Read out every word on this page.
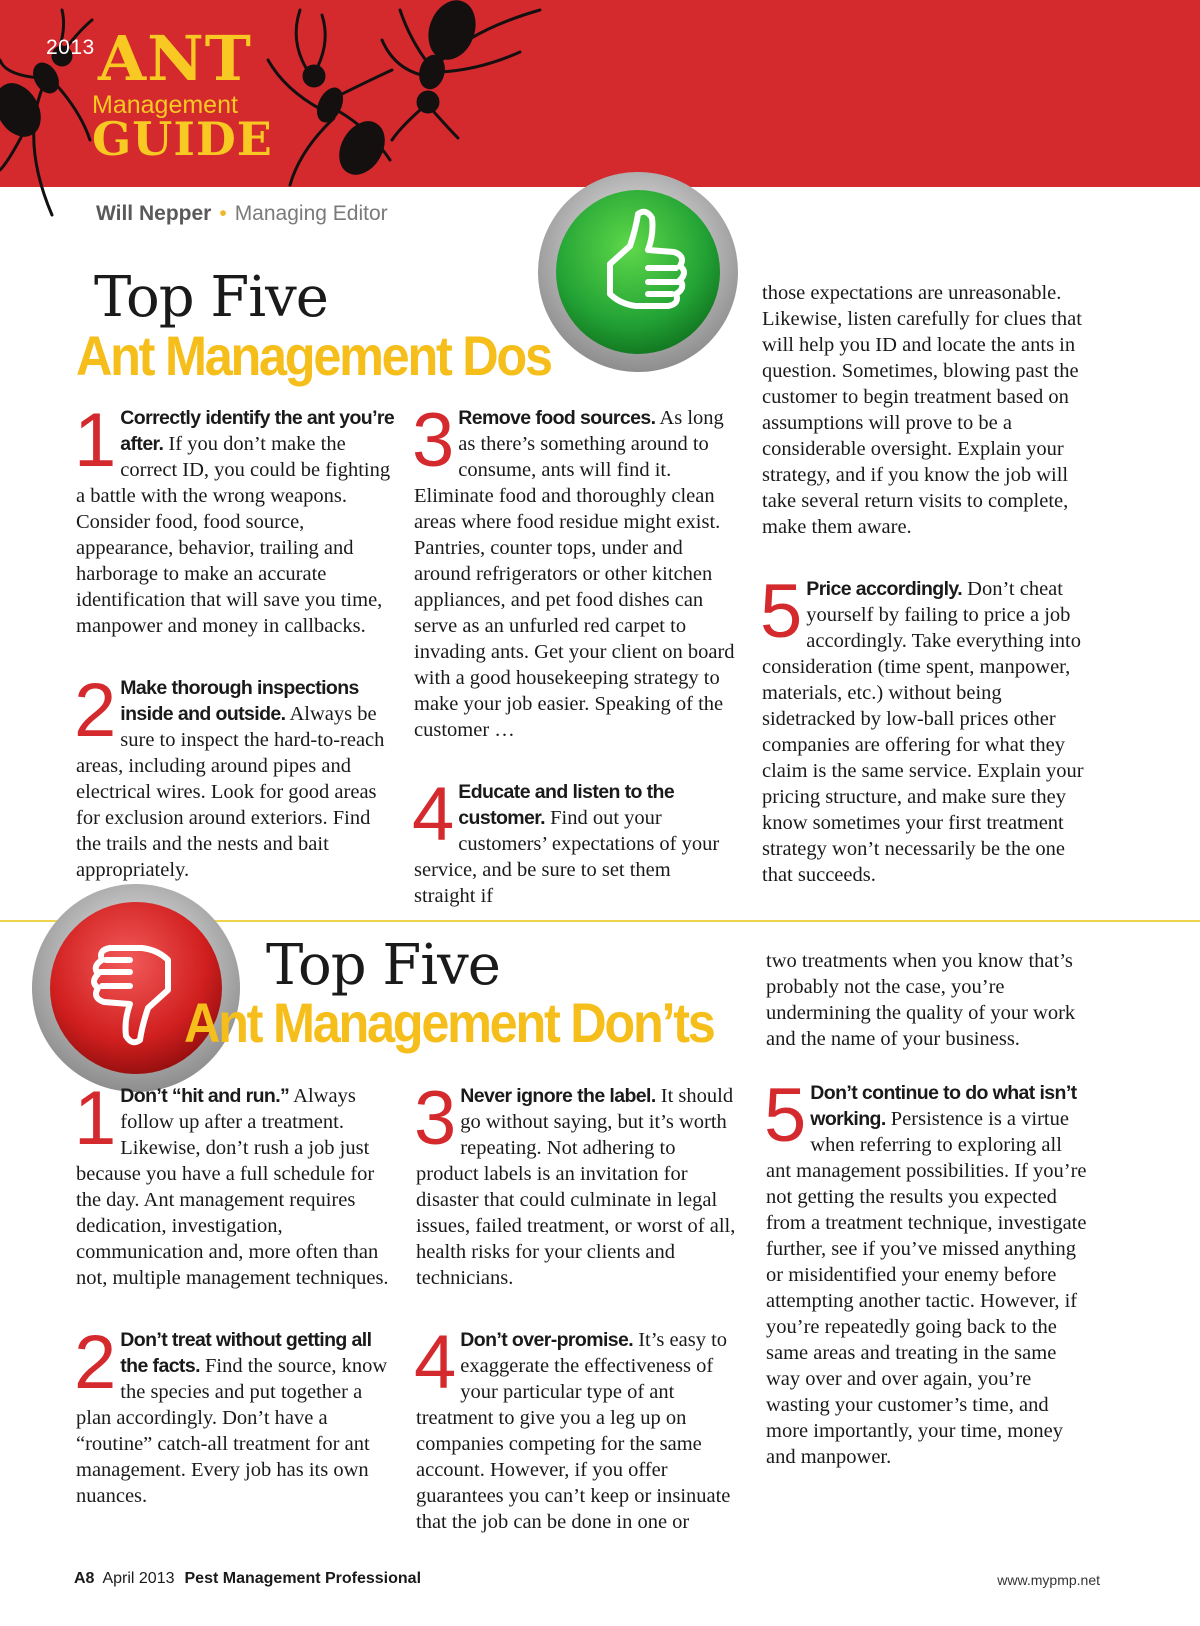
2013 ANT
Management
GUIDE
Will Nepper • Managing Editor
Top Five
Ant Management Dos
1 Correctly identify the ant you’re after. If you don’t make the correct ID, you could be fighting a battle with the wrong weapons. Consider food, food source, appearance, behavior, trailing and harborage to make an accurate identification that will save you time, manpower and money in callbacks.

2 Make thorough inspections inside and outside. Always be sure to inspect the hard-to-reach areas, including around pipes and electrical wires. Look for good areas for exclusion around exteriors. Find the trails and the nests and bait appropriately.

3 Remove food sources. As long as there’s something around to consume, ants will find it. Eliminate food and thoroughly clean areas where food residue might exist. Pantries, counter tops, under and around refrigerators or other kitchen appliances, and pet food dishes can serve as an unfurled red carpet to invading ants. Get your client on board with a good housekeeping strategy to make your job easier. Speaking of the customer …

4 Educate and listen to the customer. Find out your customers’ expectations of your service, and be sure to set them straight if

those expectations are unreasonable. Likewise, listen carefully for clues that will help you ID and locate the ants in question. Sometimes, blowing past the customer to begin treatment based on assumptions will prove to be a considerable oversight. Explain your strategy, and if you know the job will take several return visits to complete, make them aware.

5 Price accordingly. Don’t cheat yourself by failing to price a job accordingly. Take everything into consideration (time spent, manpower, materials, etc.) without being sidetracked by low-ball prices other companies are offering for what they claim is the same service. Explain your pricing structure, and make sure they know sometimes your first treatment strategy won’t necessarily be the one that succeeds.

Top Five
Ant Management Don’ts
1 Don’t “hit and run.” Always follow up after a treatment. Likewise, don’t rush a job just because you have a full schedule for the day. Ant management requires dedication, investigation, communication and, more often than not, multiple management techniques.

2 Don’t treat without getting all the facts. Find the source, know the species and put together a plan accordingly. Don’t have a “routine” catch-all treatment for ant management. Every job has its own nuances.

3 Never ignore the label. It should go without saying, but it’s worth repeating. Not adhering to product labels is an invitation for disaster that could culminate in legal issues, failed treatment, or worst of all, health risks for your clients and technicians.

4 Don’t over-promise. It’s easy to exaggerate the effectiveness of your particular type of ant treatment to give you a leg up on companies competing for the same account. However, if you offer guarantees you can’t keep or insinuate that the job can be done in one or

two treatments when you know that’s probably not the case, you’re undermining the quality of your work and the name of your business.

5 Don’t continue to do what isn’t working. Persistence is a virtue when referring to exploring all ant management possibilities. If you’re not getting the results you expected from a treatment technique, investigate further, see if you’ve missed anything or misidentified your enemy before attempting another tactic. However, if you’re repeatedly going back to the same areas and treating in the same way over and over again, you’re wasting your customer’s time, and more importantly, your time, money and manpower.

A8 April 2013 Pest Management Professional	www.mypmp.net
